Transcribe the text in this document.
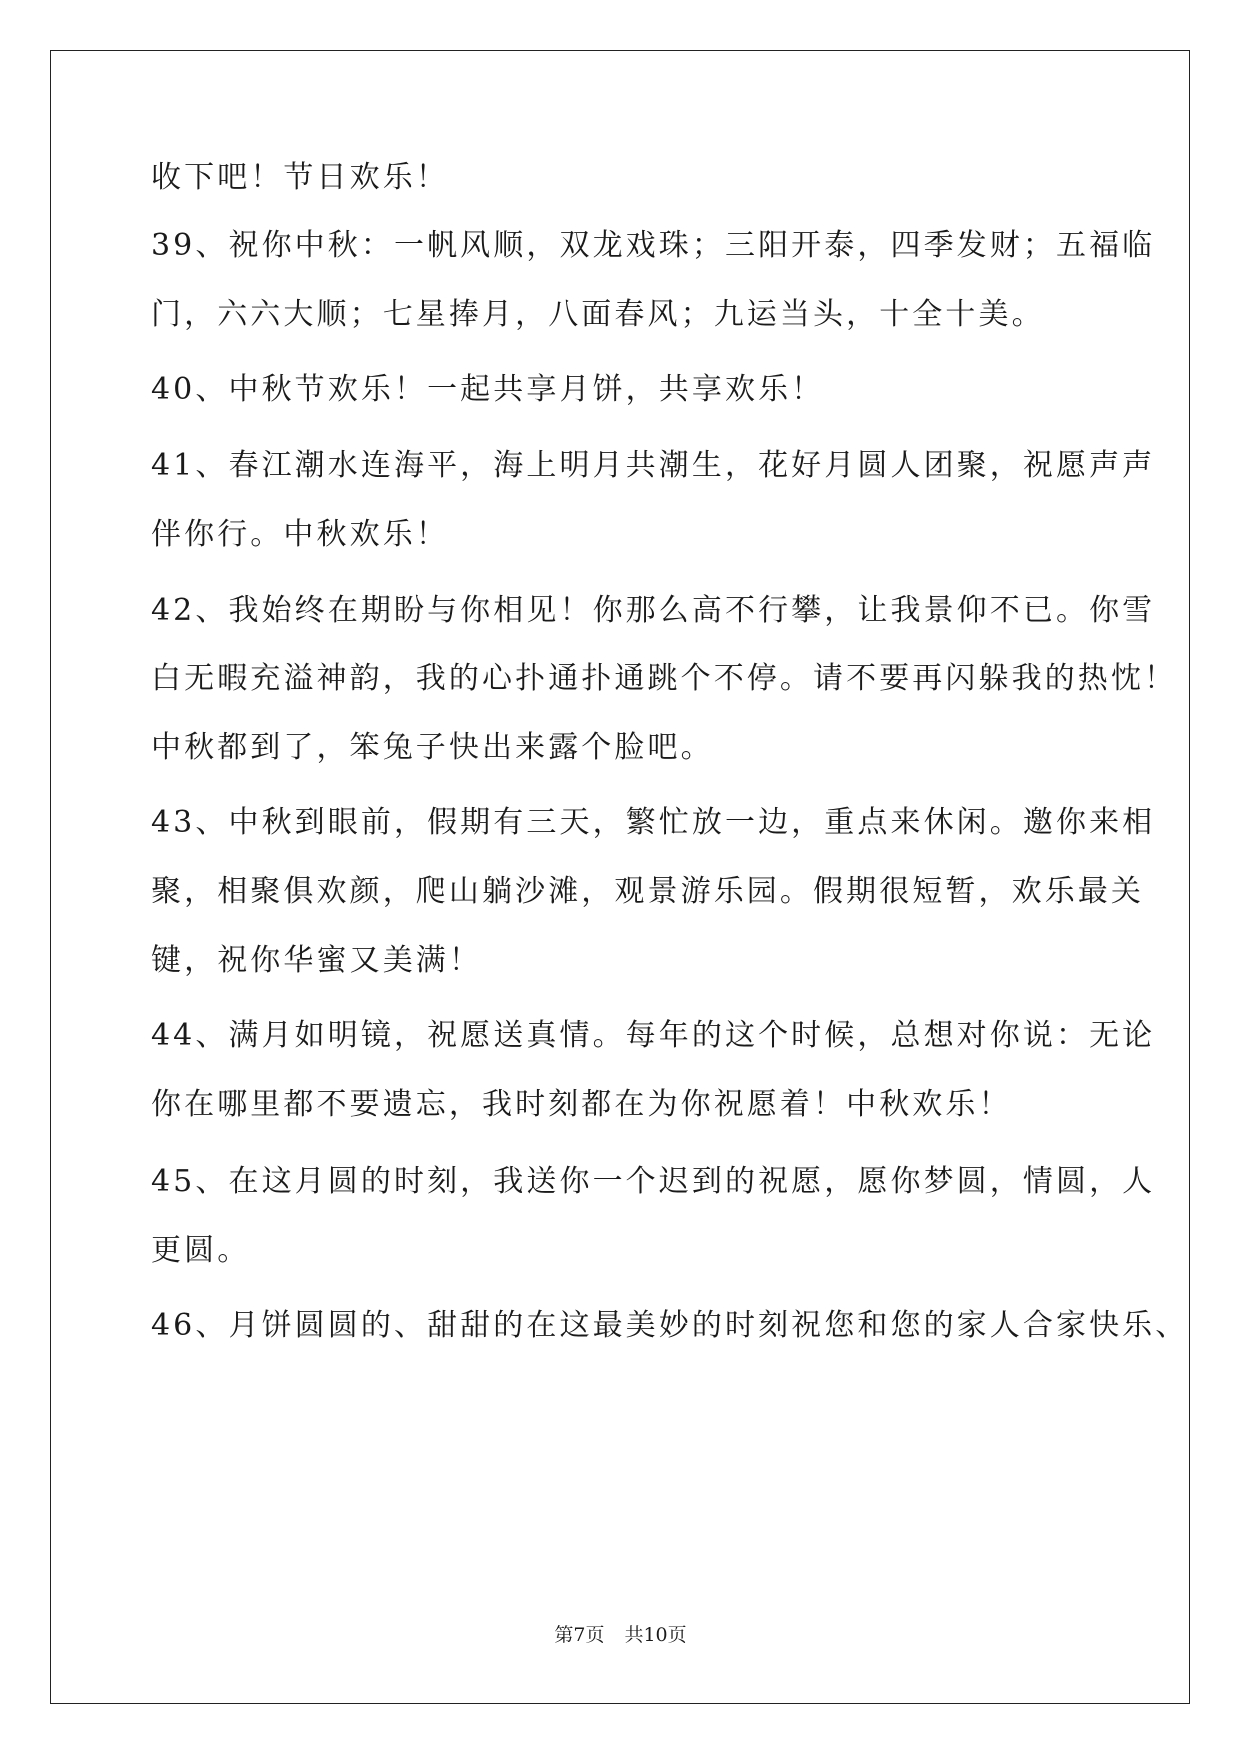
收下吧！节日欢乐！
39、祝你中秋：一帆风顺，双龙戏珠；三阳开泰，四季发财；五福临
门，六六大顺；七星捧月，八面春风；九运当头，十全十美。
40、中秋节欢乐！一起共享月饼，共享欢乐！
41、春江潮水连海平，海上明月共潮生，花好月圆人团聚，祝愿声声
伴你行。中秋欢乐！
42、我始终在期盼与你相见！你那么高不行攀，让我景仰不已。你雪
白无暇充溢神韵，我的心扑通扑通跳个不停。请不要再闪躲我的热忱！
中秋都到了，笨兔子快出来露个脸吧。
43、中秋到眼前，假期有三天，繁忙放一边，重点来休闲。邀你来相
聚，相聚俱欢颜，爬山躺沙滩，观景游乐园。假期很短暂，欢乐最关
键，祝你华蜜又美满！
44、满月如明镜，祝愿送真情。每年的这个时候，总想对你说：无论
你在哪里都不要遗忘，我时刻都在为你祝愿着！中秋欢乐！
45、在这月圆的时刻，我送你一个迟到的祝愿，愿你梦圆，情圆，人
更圆。
46、月饼圆圆的、甜甜的在这最美妙的时刻祝您和您的家人合家快乐、
第7页 共10页
